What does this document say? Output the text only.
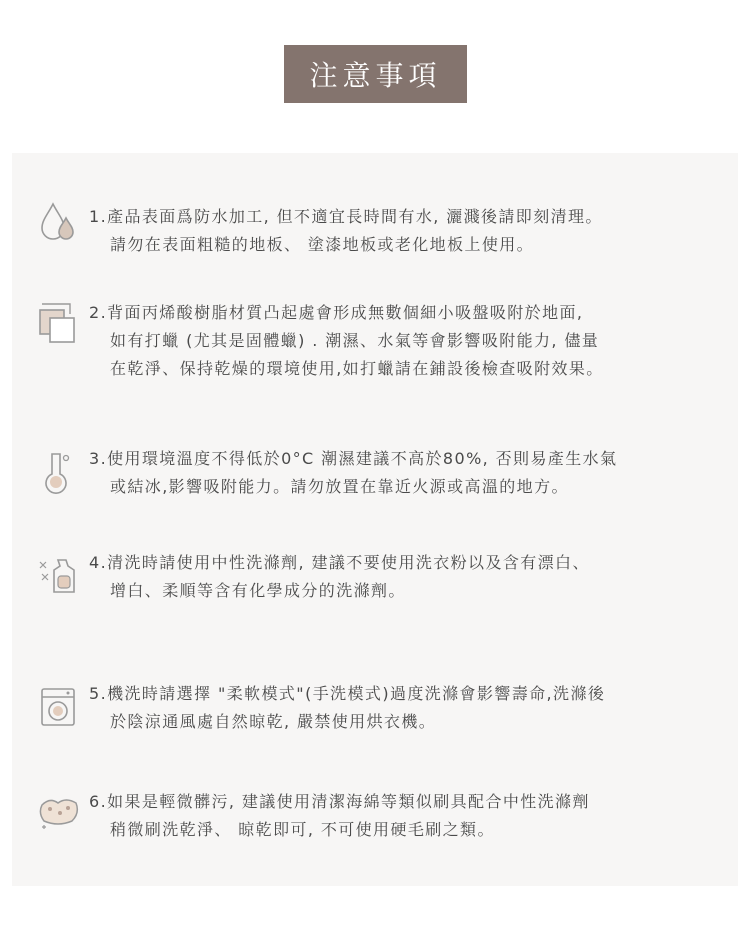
注意事項
1.產品表面爲防水加工, 但不適宜長時間有水, 灑濺後請即刻清理。
請勿在表面粗糙的地板、 塗漆地板或老化地板上使用。
2.背面丙烯酸樹脂材質凸起處會形成無數個細小吸盤吸附於地面,
如有打蠟 (尤其是固體蠟) . 潮濕、水氣等會影響吸附能力, 儘量
在乾淨、保持乾燥的環境使用,如打蠟請在鋪設後檢查吸附效果。
3.使用環境溫度不得低於0°C 潮濕建議不高於80%, 否則易產生水氣
或結冰,影響吸附能力。請勿放置在靠近火源或高溫的地方。
4.清洗時請使用中性洗滌劑, 建議不要使用洗衣粉以及含有漂白、
增白、柔順等含有化學成分的洗滌劑。
5.機洗時請選擇 "柔軟模式"(手洗模式)過度洗滌會影響壽命,洗滌後
於陰涼通風處自然晾乾, 嚴禁使用烘衣機。
6.如果是輕微髒污, 建議使用清潔海綿等類似刷具配合中性洗滌劑
稍微刷洗乾淨、 晾乾即可, 不可使用硬毛刷之類。
